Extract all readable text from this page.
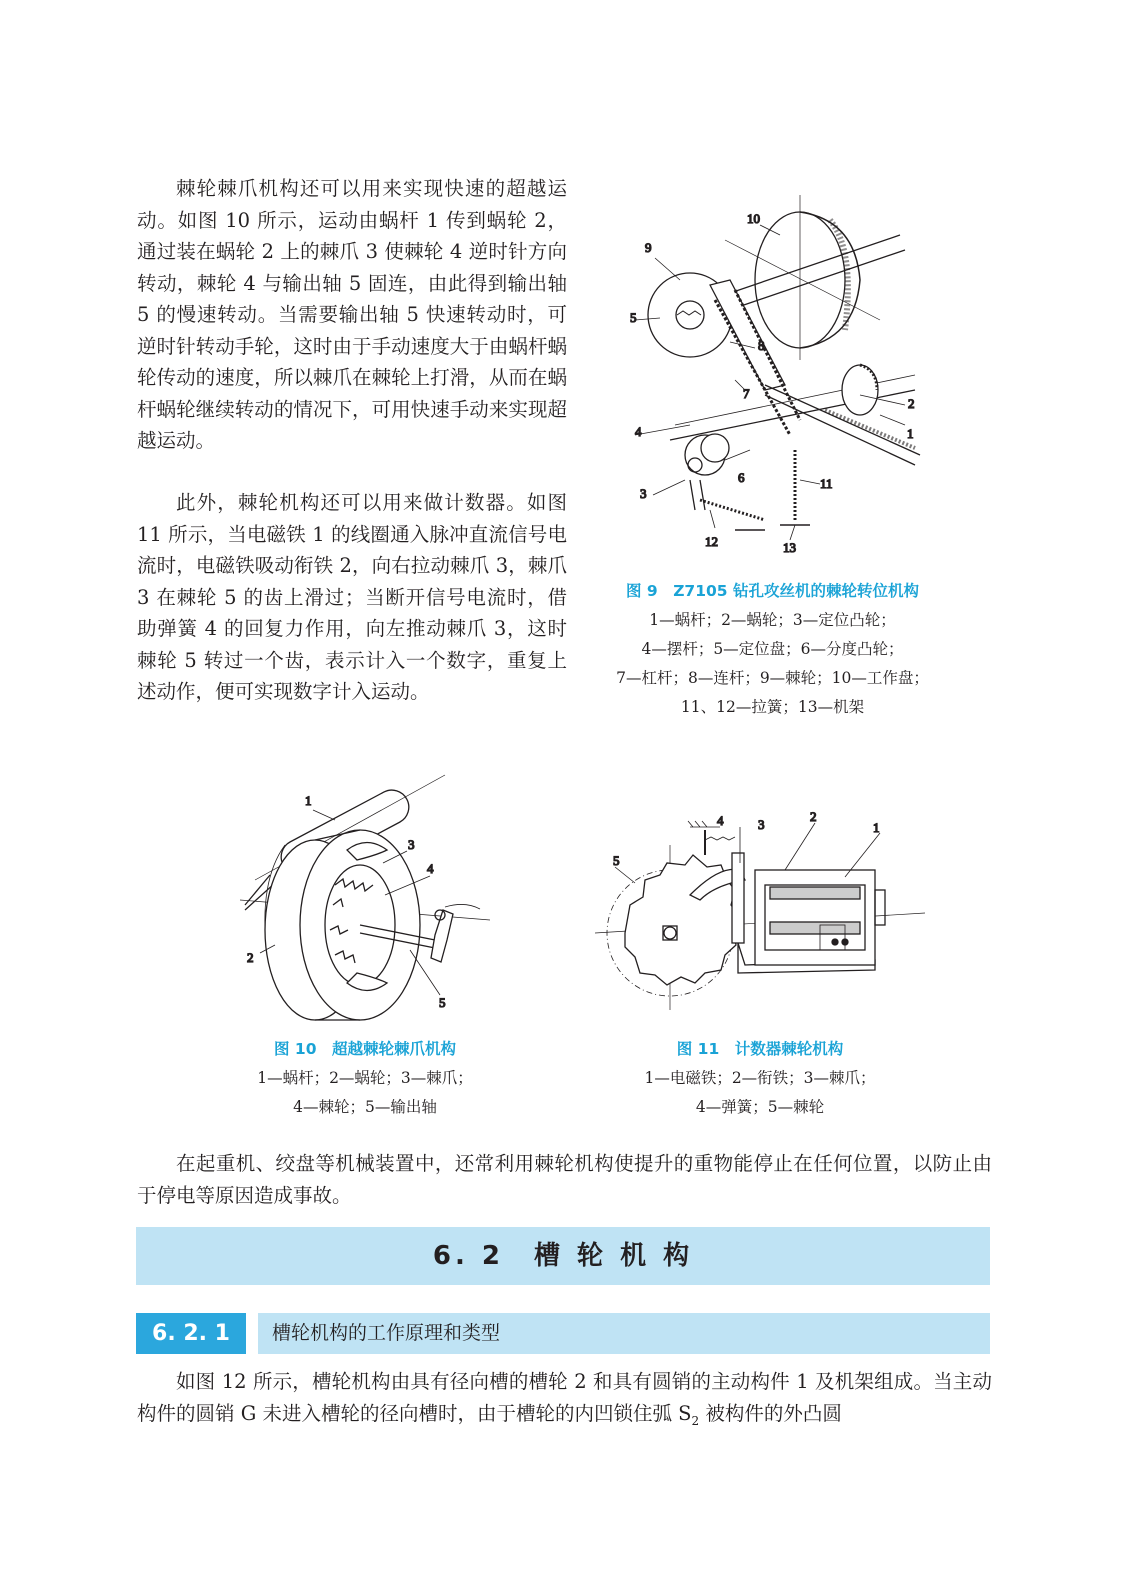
棘轮棘爪机构还可以用来实现快速的超越运动。如图 10 所示，运动由蜗杆 1 传到蜗轮 2，通过装在蜗轮 2 上的棘爪 3 使棘轮 4 逆时针方向转动，棘轮 4 与输出轴 5 固连，由此得到输出轴 5 的慢速转动。当需要输出轴 5 快速转动时，可逆时针转动手轮，这时由于手动速度大于由蜗杆蜗轮传动的速度，所以棘爪在棘轮上打滑，从而在蜗杆蜗轮继续转动的情况下，可用快速手动来实现超越运动。

此外，棘轮机构还可以用来做计数器。如图 11 所示，当电磁铁 1 的线圈通入脉冲直流信号电流时，电磁铁吸动衔铁 2，向右拉动棘爪 3，棘爪 3 在棘轮 5 的齿上滑过；当断开信号电流时，借助弹簧 4 的回复力作用，向左推动棘爪 3，这时棘轮 5 转过一个齿，表示计入一个数字，重复上述动作，便可实现数字计入运动。

1
2
3
4
5
6
7
8
9
10
11
12	13
图 9　Z7105 钻孔攻丝机的棘轮转位机构
1—蜗杆；2—蜗轮；3—定位凸轮；
4—摆杆；5—定位盘；6—分度凸轮；
7—杠杆；8—连杆；9—棘轮；10—工作盘；
11、12—拉簧；13—机架
1
2
3
4
5
图 10　超越棘轮棘爪机构
1—蜗杆；2—蜗轮；3—棘爪；
4—棘轮；5—输出轴
4	3
2
1
5
图 11　计数器棘轮机构
1—电磁铁；2—衔铁；3—棘爪；
4—弹簧；5—棘轮

在起重机、绞盘等机械装置中，还常利用棘轮机构使提升的重物能停止在任何位置，以防止由于停电等原因造成事故。

6. 2　槽 轮 机 构
6. 2. 1	槽轮机构的工作原理和类型

如图 12 所示，槽轮机构由具有径向槽的槽轮 2 和具有圆销的主动构件 1 及机架组成。当主动构件的圆销 G 未进入槽轮的径向槽时，由于槽轮的内凹锁住弧 $S_2$ 被构件的外凸圆
